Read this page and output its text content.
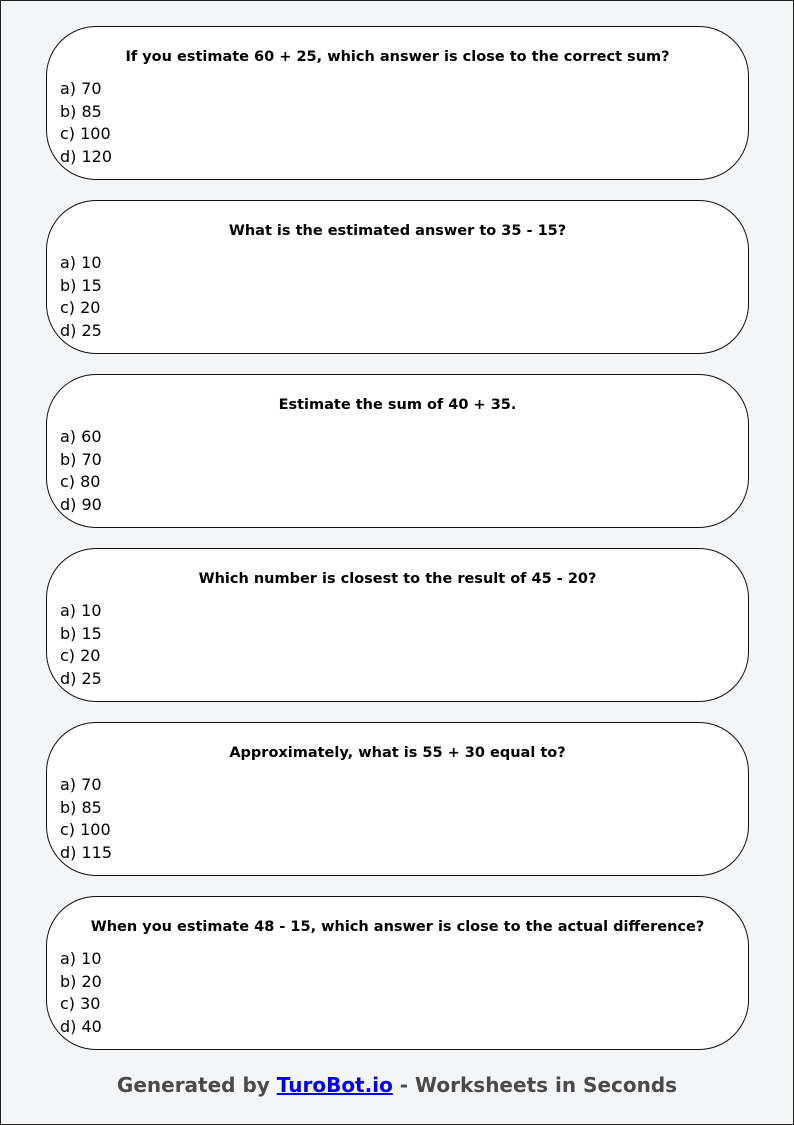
If you estimate 60 + 25, which answer is close to the correct sum?
a) 70
b) 85
c) 100
d) 120
What is the estimated answer to 35 - 15?
a) 10
b) 15
c) 20
d) 25
Estimate the sum of 40 + 35.
a) 60
b) 70
c) 80
d) 90
Which number is closest to the result of 45 - 20?
a) 10
b) 15
c) 20
d) 25
Approximately, what is 55 + 30 equal to?
a) 70
b) 85
c) 100
d) 115
When you estimate 48 - 15, which answer is close to the actual difference?
a) 10
b) 20
c) 30
d) 40
Generated by TuroBot.io - Worksheets in Seconds
